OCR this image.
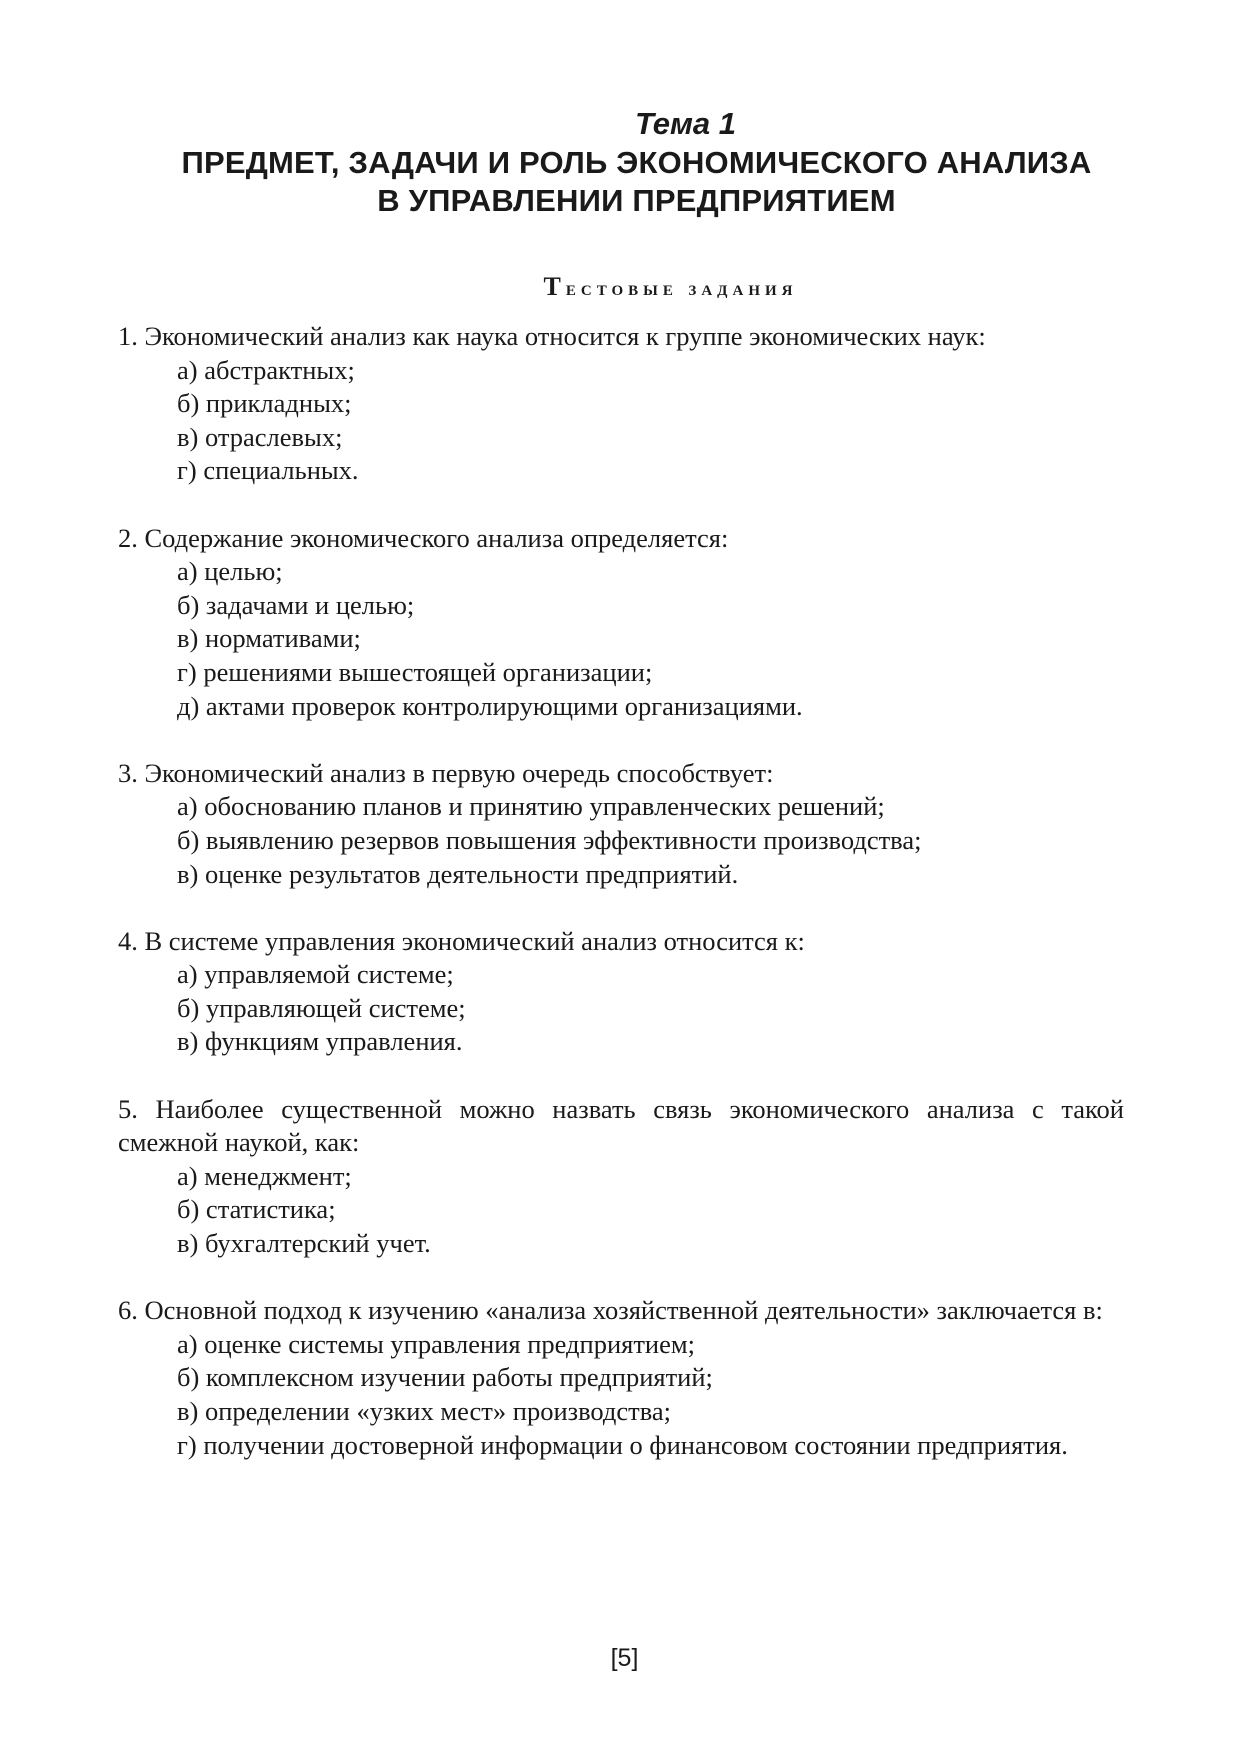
Тема 1
ПРЕДМЕТ, ЗАДАЧИ И РОЛЬ ЭКОНОМИЧЕСКОГО АНАЛИЗА
В УПРАВЛЕНИИ ПРЕДПРИЯТИЕМ
Тестовые задания

1. Экономический анализ как наука относится к группе экономических наук:

а) абстрактных;
б) прикладных;
в) отраслевых;
г) специальных.

2. Содержание экономического анализа определяется:

а) целью;
б) задачами и целью;
в) нормативами;
г) решениями вышестоящей организации;
д) актами проверок контролирующими организациями.

3. Экономический анализ в первую очередь способствует:

а) обоснованию планов и принятию управленческих решений;
б) выявлению резервов повышения эффективности производства;
в) оценке результатов деятельности предприятий.

4. В системе управления экономический анализ относится к:

а) управляемой системе;
б) управляющей системе;
в) функциям управления.

5. Наиболее существенной можно назвать связь экономического анализа с такой смежной наукой, как:

а) менеджмент;
б) статистика;
в) бухгалтерский учет.

6. Основной подход к изучению «анализа хозяйственной деятельности» заключается в:

а) оценке системы управления предприятием;
б) комплексном изучении работы предприятий;
в) определении «узких мест» производства;
г) получении достоверной информации о финансовом состоянии предприятия.
[5]
